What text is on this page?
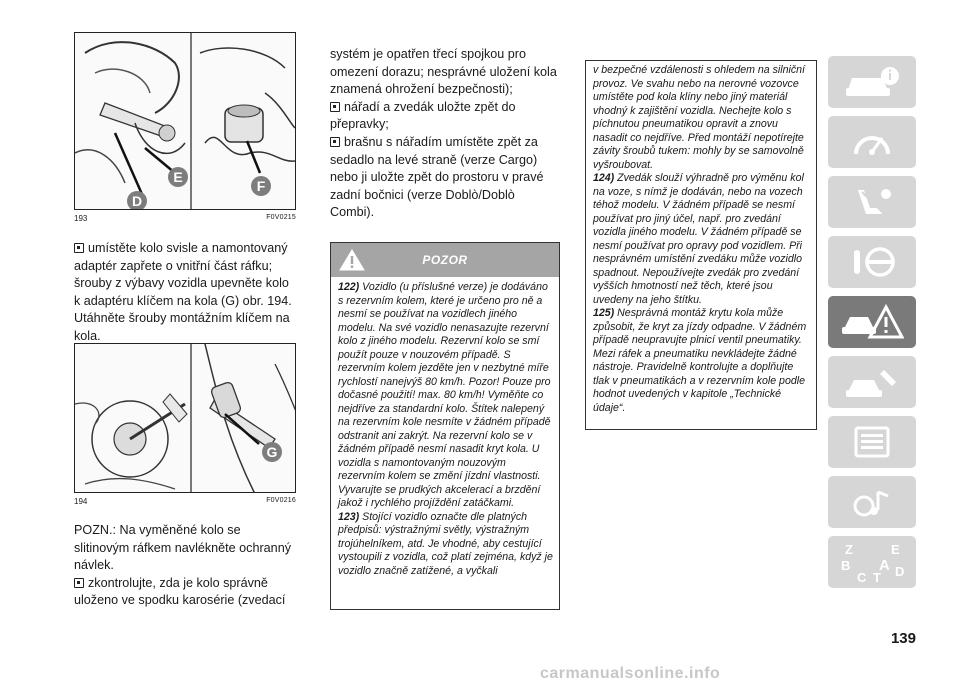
E
D
F
193	F0V0215

umístěte kolo svisle a namontovaný adaptér zapřete o vnitřní část ráfku; šrouby z výbavy vozidla upevněte kolo k adaptéru klíčem na kola (G) obr. 194. Utáhněte šrouby montážním klíčem na kola.

G
194	F0V0216

POZN.: Na vyměněné kolo se slitinovým ráfkem navlékněte ochranný návlek.

zkontrolujte, zda je kolo správně uloženo ve spodku karosérie (zvedací

systém je opatřen třecí spojkou pro omezení dorazu; nesprávné uložení kola znamená ohrožení bezpečnosti);

nářadí a zvedák uložte zpět do přepravky;

brašnu s nářadím umístěte zpět za sedadlo na levé straně (verze Cargo) nebo ji uložte zpět do prostoru v pravé zadní bočnici (verze Doblò/Doblò Combi).

POZOR

122) Vozidlo (u příslušné verze) je dodáváno s rezervním kolem, které je určeno pro ně a nesmí se používat na vozidlech jiného modelu. Na své vozidlo nenasazujte rezervní kolo z jiného modelu. Rezervní kolo se smí použít pouze v nouzovém případě. S rezervním kolem jezděte jen v nezbytné míře rychlostí nanejvýš 80 km/h. Pozor! Pouze pro dočasné použití! max. 80 km/h! Vyměňte co nejdříve za standardní kolo. Štítek nalepený na rezervním kole nesmíte v žádném případě odstranit ani zakrýt. Na rezervní kolo se v žádném případě nesmí nasadit kryt kola. U vozidla s namontovaným nouzovým rezervním kolem se změní jízdní vlastnosti. Vyvarujte se prudkých akcelerací a brzdění jakož i rychlého projíždění zatáčkami.

123) Stojící vozidlo označte dle platných předpisů: výstražnými světly, výstražným trojúhelníkem, atd. Je vhodné, aby cestující vystoupili z vozidla, což platí zejména, když je vozidlo značně zatížené, a vyčkali

v bezpečné vzdálenosti s ohledem na silniční provoz. Ve svahu nebo na nerovné vozovce umístěte pod kola klíny nebo jiný materiál vhodný k zajištění vozidla. Nechejte kolo s píchnutou pneumatikou opravit a znovu nasadit co nejdříve. Před montáží nepotírejte závity šroubů tukem: mohly by se samovolně vyšroubovat.

124) Zvedák slouží výhradně pro výměnu kol na voze, s nímž je dodáván, nebo na vozech téhož modelu. V žádném případě se nesmí používat pro jiný účel, např. pro zvedání vozidla jiného modelu. V žádném případě se nesmí používat pro opravy pod vozidlem. Při nesprávném umístění zvedáku může vozidlo spadnout. Nepoužívejte zvedák pro zvedání vyšších hmotností než těch, které jsou uvedeny na jeho štítku.

125) Nesprávná montáž krytu kola může způsobit, že kryt za jízdy odpadne. V žádném případě neupravujte plnicí ventil pneumatiky. Mezi ráfek a pneumatiku nevkládejte žádné nástroje. Pravidelně kontrolujte a doplňujte tlak v pneumatikách a v rezervním kole podle hodnot uvedených v kapitole „Technické údaje“.

Z	E
B A
C T D
139
carmanualsonline.info
